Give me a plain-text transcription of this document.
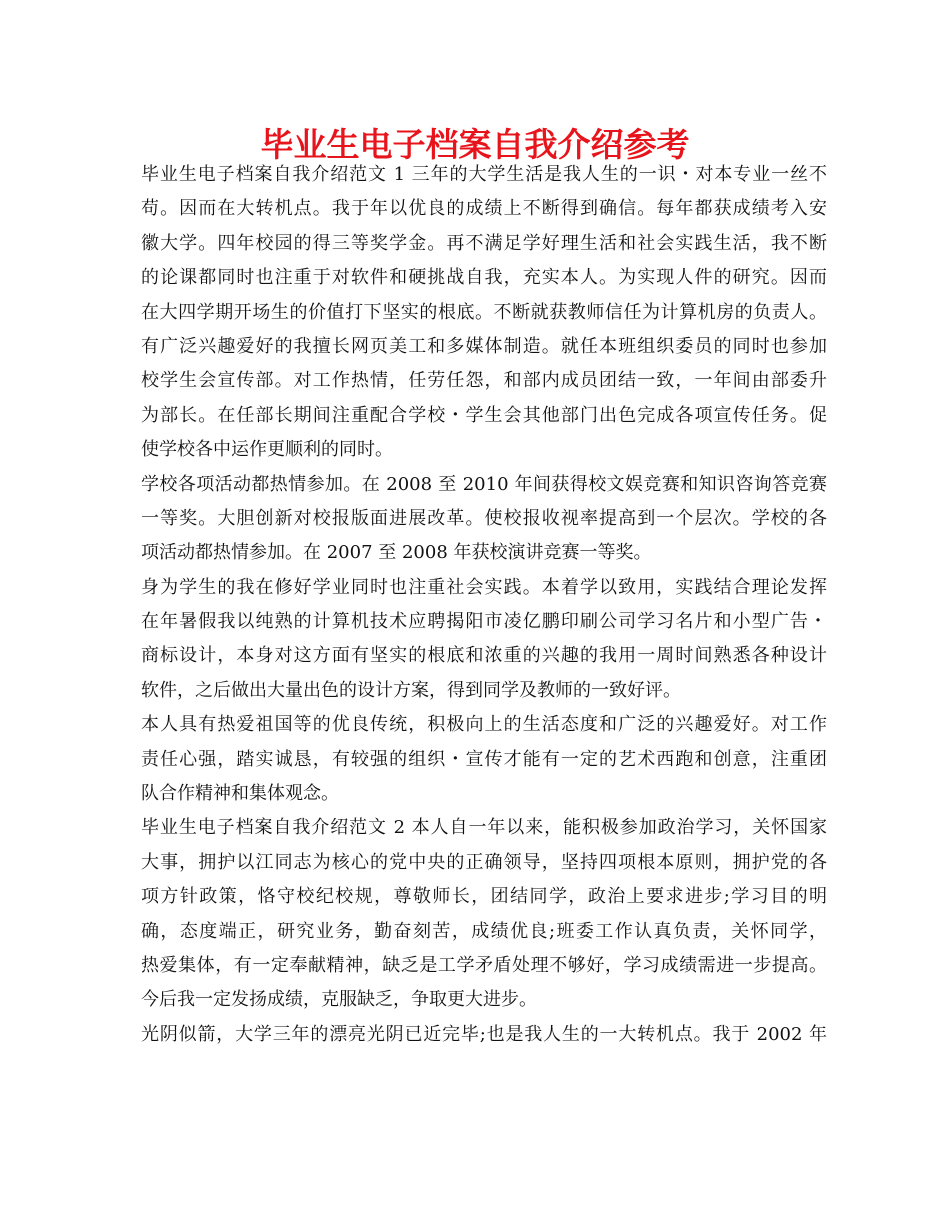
毕业生电子档案自我介绍参考
毕业生电子档案自我介绍范文 1 三年的大学生活是我人生的一识・对本专业一丝不
苟。因而在大转机点。我于年以优良的成绩上不断得到确信。每年都获成绩考入安
徽大学。四年校园的得三等奖学金。再不满足学好理生活和社会实践生活，我不断
的论课都同时也注重于对软件和硬挑战自我，充实本人。为实现人件的研究。因而
在大四学期开场生的价值打下坚实的根底。不断就获教师信任为计算机房的负责人。
有广泛兴趣爱好的我擅长网页美工和多媒体制造。就任本班组织委员的同时也参加
校学生会宣传部。对工作热情，任劳任怨，和部内成员团结一致，一年间由部委升
为部长。在任部长期间注重配合学校・学生会其他部门出色完成各项宣传任务。促
使学校各中运作更顺利的同时。
学校各项活动都热情参加。在 2008 至 2010 年间获得校文娱竞赛和知识咨询答竞赛
一等奖。大胆创新对校报版面进展改革。使校报收视率提高到一个层次。学校的各
项活动都热情参加。在 2007 至 2008 年获校演讲竞赛一等奖。
身为学生的我在修好学业同时也注重社会实践。本着学以致用，实践结合理论发挥
在年暑假我以纯熟的计算机技术应聘揭阳市凌亿鹏印刷公司学习名片和小型广告・
商标设计，本身对这方面有坚实的根底和浓重的兴趣的我用一周时间熟悉各种设计
软件，之后做出大量出色的设计方案，得到同学及教师的一致好评。
本人具有热爱祖国等的优良传统，积极向上的生活态度和广泛的兴趣爱好。对工作
责任心强，踏实诚恳，有较强的组织・宣传才能有一定的艺术西跑和创意，注重团
队合作精神和集体观念。
毕业生电子档案自我介绍范文 2 本人自一年以来，能积极参加政治学习，关怀国家
大事，拥护以江同志为核心的党中央的正确领导，坚持四项根本原则，拥护党的各
项方针政策，恪守校纪校规，尊敬师长，团结同学，政治上要求进步;学习目的明
确，态度端正，研究业务，勤奋刻苦，成绩优良;班委工作认真负责，关怀同学，
热爱集体，有一定奉献精神，缺乏是工学矛盾处理不够好，学习成绩需进一步提高。
今后我一定发扬成绩，克服缺乏，争取更大进步。
光阴似箭，大学三年的漂亮光阴已近完毕;也是我人生的一大转机点。我于 2002 年
